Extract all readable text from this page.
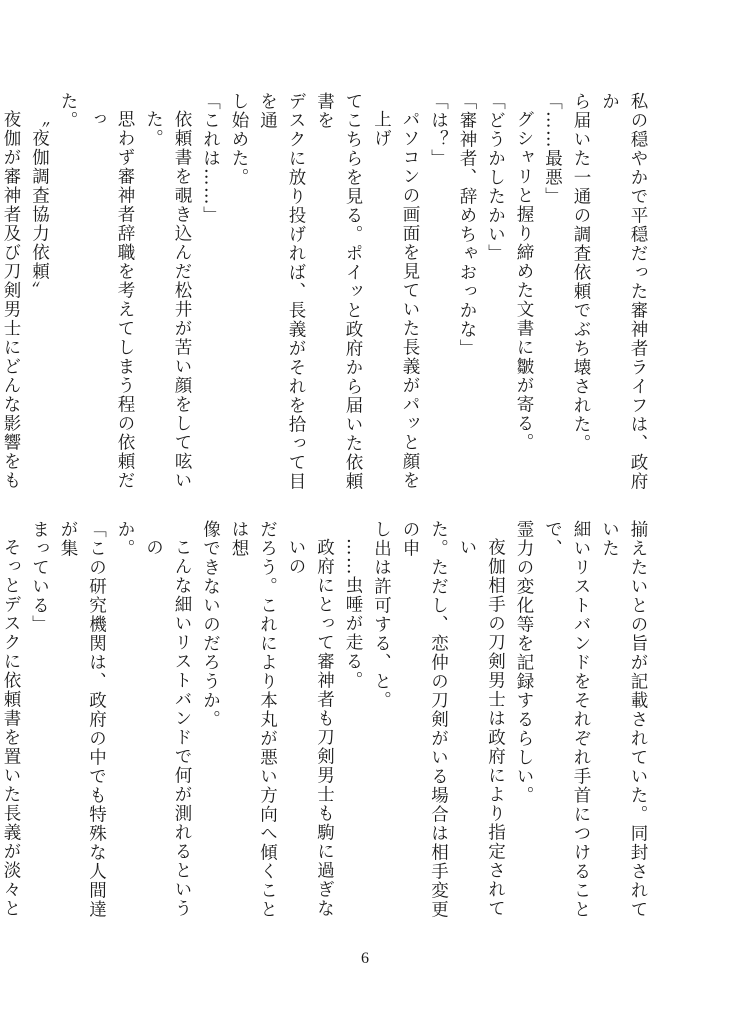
私の穏やかで平穏だった審神者ライフは、政府か
ら届いた一通の調査依頼でぶち壊された。
「……最悪」
グシャリと握り締めた文書に皺が寄る。
「どうかしたかい」
「審神者、辞めちゃおっかな」
「は？」
パソコンの画面を見ていた長義がパッと顔を上げ
てこちらを見る。ポイッと政府から届いた依頼書を
デスクに放り投げれば、長義がそれを拾って目を通
し始めた。
「これは……」
依頼書を覗き込んだ松井が苦い顔をして呟いた。
思わず審神者辞職を考えてしまう程の依頼だっ
た。
〝夜伽調査協力依頼〟
夜伽が審神者及び刀剣男士にどんな影響をも
揃えたいとの旨が記載されていた。同封されていた
細いリストバンドをそれぞれ手首につけることで、
霊力の変化等を記録するらしい。
夜伽相手の刀剣男士は政府により指定されてい
た。ただし、恋仲の刀剣がいる場合は相手変更の申
し出は許可する、と。
……虫唾が走る。
政府にとって審神者も刀剣男士も駒に過ぎないの
だろう。これにより本丸が悪い方向へ傾くことは想
像できないのだろうか。
こんな細いリストバンドで何が測れるというの
か。
「この研究機関は、政府の中でも特殊な人間達が集
まっている」
そっとデスクに依頼書を置いた長義が淡々と
6
